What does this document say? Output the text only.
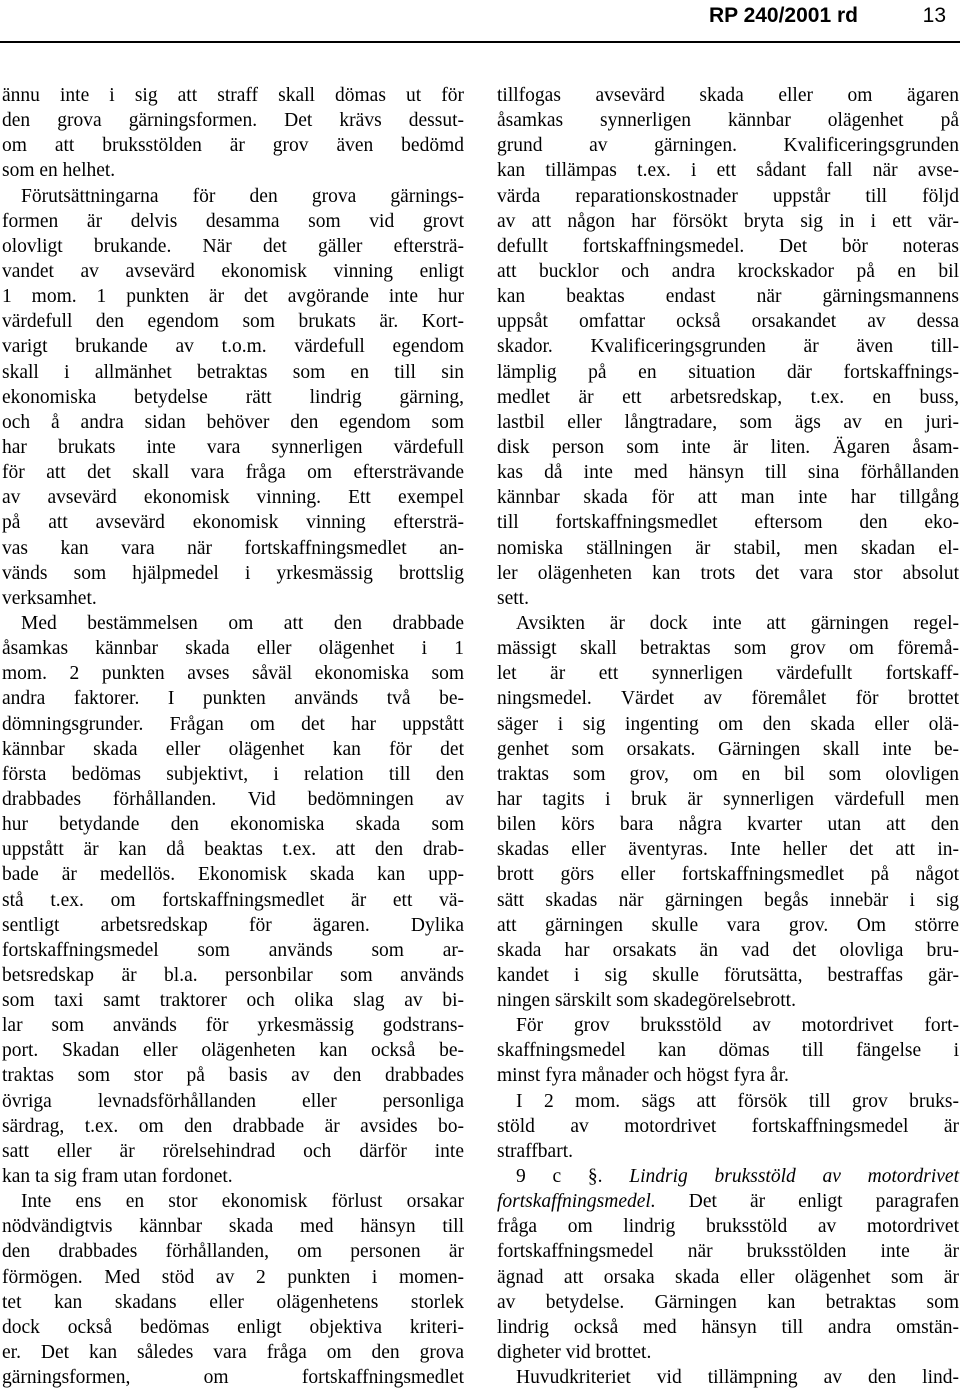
RP 240/2001 rd	13
ännu inte i sig att straff skall dömas ut för
den grova gärningsformen. Det krävs dessut-
om att bruksstölden är grov även bedömd
som en helhet.
Förutsättningarna för den grova gärnings-
formen är delvis desamma som vid grovt
olovligt brukande. När det gäller eftersträ-
vandet av avsevärd ekonomisk vinning enligt
1 mom. 1 punkten är det avgörande inte hur
värdefull den egendom som brukats är. Kort-
varigt brukande av t.o.m. värdefull egendom
skall i allmänhet betraktas som en till sin
ekonomiska betydelse rätt lindrig gärning,
och å andra sidan behöver den egendom som
har brukats inte vara synnerligen värdefull
för att det skall vara fråga om eftersträvande
av avsevärd ekonomisk vinning. Ett exempel
på att avsevärd ekonomisk vinning eftersträ-
vas kan vara när fortskaffningsmedlet an-
vänds som hjälpmedel i yrkesmässig brottslig
verksamhet.
Med bestämmelsen om att den drabbade
åsamkas kännbar skada eller olägenhet i 1
mom. 2 punkten avses såväl ekonomiska som
andra faktorer. I punkten används två be-
dömningsgrunder. Frågan om det har uppstått
kännbar skada eller olägenhet kan för det
första bedömas subjektivt, i relation till den
drabbades förhållanden. Vid bedömningen av
hur betydande den ekonomiska skada som
uppstått är kan då beaktas t.ex. att den drab-
bade är medellös. Ekonomisk skada kan upp-
stå t.ex. om fortskaffningsmedlet är ett vä-
sentligt arbetsredskap för ägaren. Dylika
fortskaffningsmedel som används som ar-
betsredskap är bl.a. personbilar som används
som taxi samt traktorer och olika slag av bi-
lar som används för yrkesmässig godstrans-
port. Skadan eller olägenheten kan också be-
traktas som stor på basis av den drabbades
övriga levnadsförhållanden eller personliga
särdrag, t.ex. om den drabbade är avsides bo-
satt eller är rörelsehindrad och därför inte
kan ta sig fram utan fordonet.
Inte ens en stor ekonomisk förlust orsakar
nödvändigtvis kännbar skada med hänsyn till
den drabbades förhållanden, om personen är
förmögen. Med stöd av 2 punkten i momen-
tet kan skadans eller olägenhetens storlek
dock också bedömas enligt objektiva kriteri-
er. Det kan således vara fråga om den grova
gärningsformen, om fortskaffningsmedlet
tillfogas avsevärd skada eller om ägaren
åsamkas synnerligen kännbar olägenhet på
grund av gärningen. Kvalificeringsgrunden
kan tillämpas t.ex. i ett sådant fall när avse-
värda reparationskostnader uppstår till följd
av att någon har försökt bryta sig in i ett vär-
defullt fortskaffningsmedel. Det bör noteras
att bucklor och andra krockskador på en bil
kan beaktas endast när gärningsmannens
uppsåt omfattar också orsakandet av dessa
skador. Kvalificeringsgrunden är även till-
lämplig på en situation där fortskaffnings-
medlet är ett arbetsredskap, t.ex. en buss,
lastbil eller långtradare, som ägs av en juri-
disk person som inte är liten. Ägaren åsam-
kas då inte med hänsyn till sina förhållanden
kännbar skada för att man inte har tillgång
till fortskaffningsmedlet eftersom den eko-
nomiska ställningen är stabil, men skadan el-
ler olägenheten kan trots det vara stor absolut
sett.
Avsikten är dock inte att gärningen regel-
mässigt skall betraktas som grov om föremå-
let är ett synnerligen värdefullt fortskaff-
ningsmedel. Värdet av föremålet för brottet
säger i sig ingenting om den skada eller olä-
genhet som orsakats. Gärningen skall inte be-
traktas som grov, om en bil som olovligen
har tagits i bruk är synnerligen värdefull men
bilen körs bara några kvarter utan att den
skadas eller äventyras. Inte heller det att in-
brott görs eller fortskaffningsmedlet på något
sätt skadas när gärningen begås innebär i sig
att gärningen skulle vara grov. Om större
skada har orsakats än vad det olovliga bru-
kandet i sig skulle förutsätta, bestraffas gär-
ningen särskilt som skadegörelsebrott.
För grov bruksstöld av motordrivet fort-
skaffningsmedel kan dömas till fängelse i
minst fyra månader och högst fyra år.
I 2 mom. sägs att försök till grov bruks-
stöld av motordrivet fortskaffningsmedel är
straffbart.
9 c §. Lindrig bruksstöld av motordrivet
fortskaffningsmedel. Det är enligt paragrafen
fråga om lindrig bruksstöld av motordrivet
fortskaffningsmedel när bruksstölden inte är
ägnad att orsaka skada eller olägenhet som är
av betydelse. Gärningen kan betraktas som
lindrig också med hänsyn till andra omstän-
digheter vid brottet.
Huvudkriteriet vid tillämpning av den lind-
